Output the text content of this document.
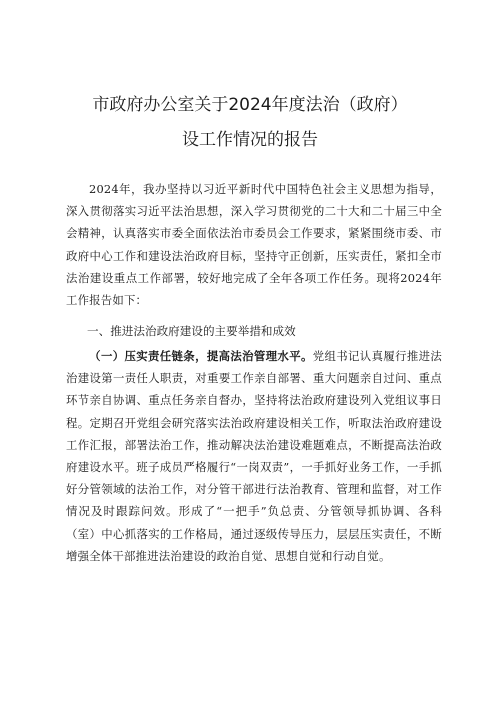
市政府办公室关于2024年度法治（政府）
设工作情况的报告
2024年，我办坚持以习近平新时代中国特色社会主义思想为指导，深入贯彻落实习近平法治思想，深入学习贯彻党的二十大和二十届三中全会精神，认真落实市委全面依法治市委员会工作要求，紧紧围绕市委、市政府中心工作和建设法治政府目标，坚持守正创新，压实责任，紧扣全市法治建设重点工作部署，较好地完成了全年各项工作任务。现将2024年工作报告如下：
一、推进法治政府建设的主要举措和成效
（一）压实责任链条，提高法治管理水平。党组书记认真履行推进法治建设第一责任人职责，对重要工作亲自部署、重大问题亲自过问、重点环节亲自协调、重点任务亲自督办，坚持将法治政府建设列入党组议事日程。定期召开党组会研究落实法治政府建设相关工作，听取法治政府建设工作汇报，部署法治工作，推动解决法治建设难题难点，不断提高法治政府建设水平。班子成员严格履行“一岗双责”，一手抓好业务工作，一手抓好分管领域的法治工作，对分管干部进行法治教育、管理和监督，对工作情况及时跟踪问效。形成了“一把手”负总责、分管领导抓协调、各科（室）中心抓落实的工作格局，通过逐级传导压力，层层压实责任，不断增强全体干部推进法治建设的政治自觉、思想自觉和行动自觉。
